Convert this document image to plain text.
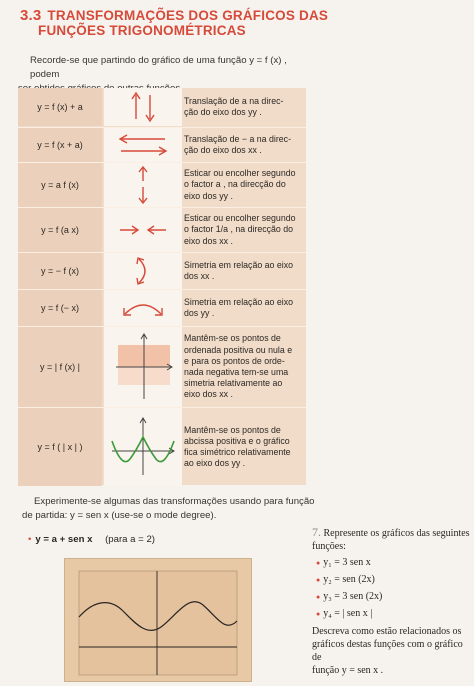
3.3 TRANSFORMAÇÕES DOS GRÁFICOS DAS
FUNÇÕES TRIGONOMÉTRICAS

Recorde-se que partindo do gráfico de uma função y = f (x) , podem

y = f (x) + a
Translação de a na direc-
ção do eixo dos yy .
y = f (x + a)
Translação de − a na direc-
ção do eixo dos xx .
y = a f (x)
Esticar ou encolher segundo
o factor a , na direcção do
eixo dos yy .
y = f (a x)
Esticar ou encolher segundo
o factor 1/a , na direcção do
eixo dos xx .
y = − f (x)
Simetria em relação ao eixo
dos xx .
y = f (− x)
Simetria em relação ao eixo
dos yy .
y = | f (x) |
Mantêm-se os pontos de
ordenada positiva ou nula e
e para os pontos de orde-
nada negativa tem-se uma
simetria relativamente ao
eixo dos xx .
y = f ( | x | )
Mantêm-se os pontos de
abcissa positiva e o gráfico
fica simétrico relativamente
ao eixo dos yy .

Experimente-se algumas das transformações usando para função

de partida: y = sen x (use-se o mode degree).

• y = a + sen x (para a = 2)
7. Represente os gráficos das seguintes
funções:
● y₁ = 3 sen x
● y₂ = sen (2x)
● y₃ = 3 sen (2x)
● y₄ = | sen x |
Descreva como estão relacionados os
gráficos destas funções com o gráfico de
função y = sen x .
